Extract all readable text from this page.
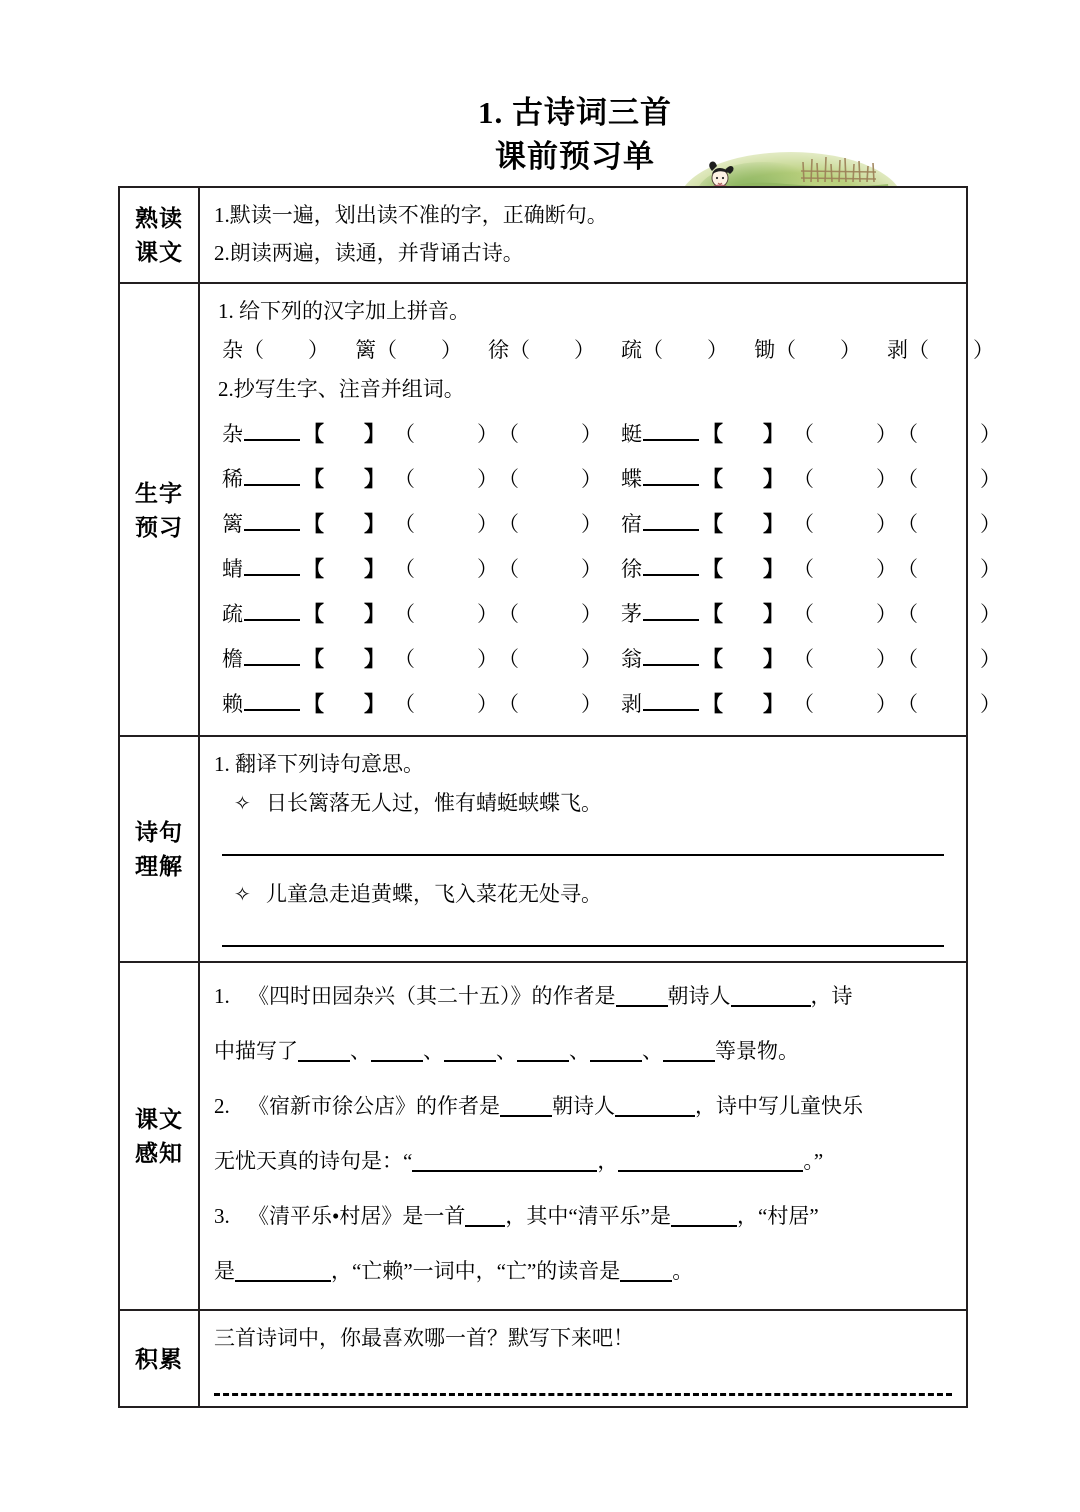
1. 古诗词三首
课前预习单
熟读
课文
1.默读一遍，划出读不准的字，正确断句。
2.朗读两遍，读通，并背诵古诗。
生字
预习
1. 给下列的汉字加上拼音。
杂（ ） 篱（ ） 徐（ ） 疏（ ） 锄（ ） 剥（ ）
2.抄写生字、注音并组词。
杂	【 】 （	） （	） 蜓	【 】 （	） （	）
稀	【 】 （	） （	） 蝶	【 】 （	） （	）
篱	【 】 （	） （	） 宿	【 】 （	） （	）
蜻	【 】 （	） （	） 徐	【 】 （	） （	）
疏	【 】 （	） （	） 茅	【 】 （	） （	）
檐	【 】 （	） （	） 翁	【 】 （	） （	）
赖	【 】 （	） （	） 剥	【 】 （	） （	）
诗句
理解
1. 翻译下列诗句意思。
✧ 日长篱落无人过，惟有蜻蜓蛱蝶飞。
✧ 儿童急走追黄蝶，飞入菜花无处寻。
课文
感知
1. 《四时田园杂兴（其二十五）》的作者是 朝诗人	，诗
中描写了 、 、 、 、 、 等景物。
2. 《宿新市徐公店》的作者是 朝诗人	，诗中写儿童快乐
无忧天真的诗句是：“	，	。”
3. 《清平乐•村居》是一首 ，其中“清平乐”是	，“村居”
是	，“亡赖”一词中，“亡”的读音是 。
积累
三首诗词中，你最喜欢哪一首？默写下来吧！
